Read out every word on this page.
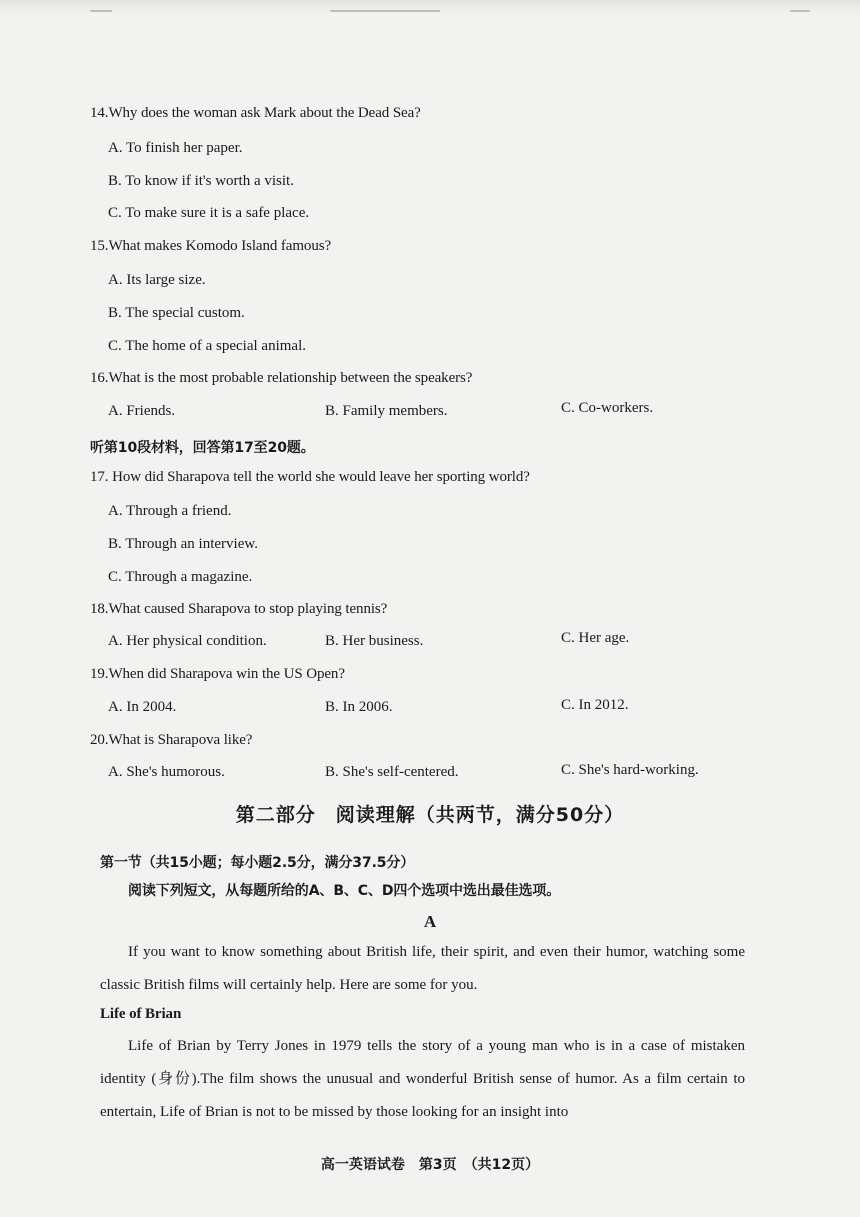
14.Why does the woman ask Mark about the Dead Sea?
A. To finish her paper.
B. To know if it's worth a visit.
C. To make sure it is a safe place.
15.What makes Komodo Island famous?
A. Its large size.
B. The special custom.
C. The home of a special animal.
16.What is the most probable relationship between the speakers?
A. Friends.	B. Family members.	C. Co-workers.
听第10段材料，回答第17至20题。
17. How did Sharapova tell the world she would leave her sporting world?
A. Through a friend.
B. Through an interview.
C. Through a magazine.
18.What caused Sharapova to stop playing tennis?
A. Her physical condition.	B. Her business.	C. Her age.
19.When did Sharapova win the US Open?
A. In 2004.	B. In 2006.	C. In 2012.
20.What is Sharapova like?
A. She's humorous.	B. She's self-centered.	C. She's hard-working.
第二部分　阅读理解（共两节，满分50分）
第一节（共15小题；每小题2.5分，满分37.5分）
阅读下列短文，从每题所给的A、B、C、D四个选项中选出最佳选项。
A
If you want to know something about British life, their spirit, and even their humor, watching some classic British films will certainly help. Here are some for you.
Life of Brian
Life of Brian by Terry Jones in 1979 tells the story of a young man who is in a case of mistaken identity (身份).The film shows the unusual and wonderful British sense of humor. As a film certain to entertain, Life of Brian is not to be missed by those looking for an insight into
高一英语试卷　第3页　（共12页）
